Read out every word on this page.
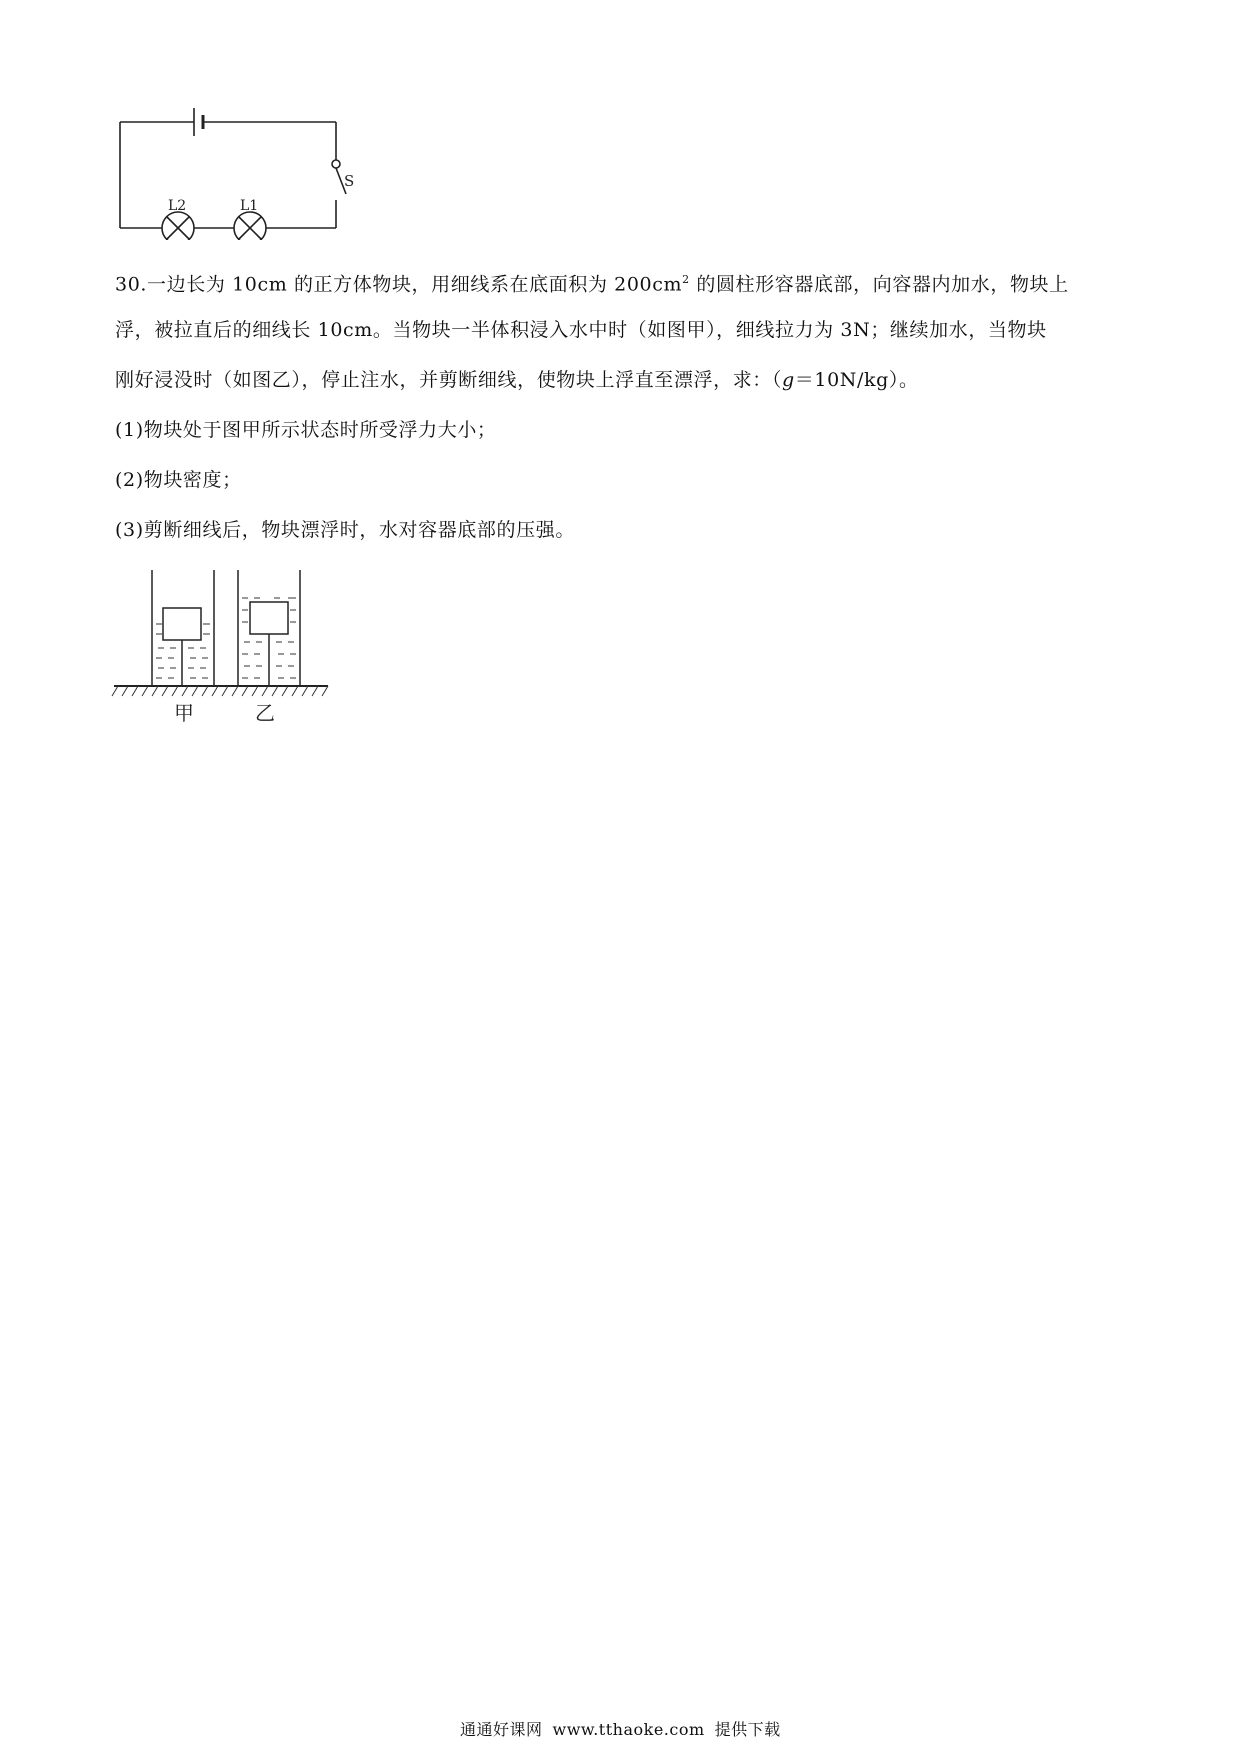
L2	L1
S
30.一边长为 10cm 的正方体物块，用细线系在底面积为 $200cm^2$ 的圆柱形容器底部，向容器内加水，物块上
浮，被拉直后的细线长 10cm。当物块一半体积浸入水中时（如图甲），细线拉力为 3N；继续加水，当物块
刚好浸没时（如图乙），停止注水，并剪断细线，使物块上浮直至漂浮，求：（g＝10N/kg）。
(1)物块处于图甲所示状态时所受浮力大小；
(2)物块密度；
(3)剪断细线后，物块漂浮时，水对容器底部的压强。
甲	乙
通通好课网 www.tthaoke.com 提供下载
